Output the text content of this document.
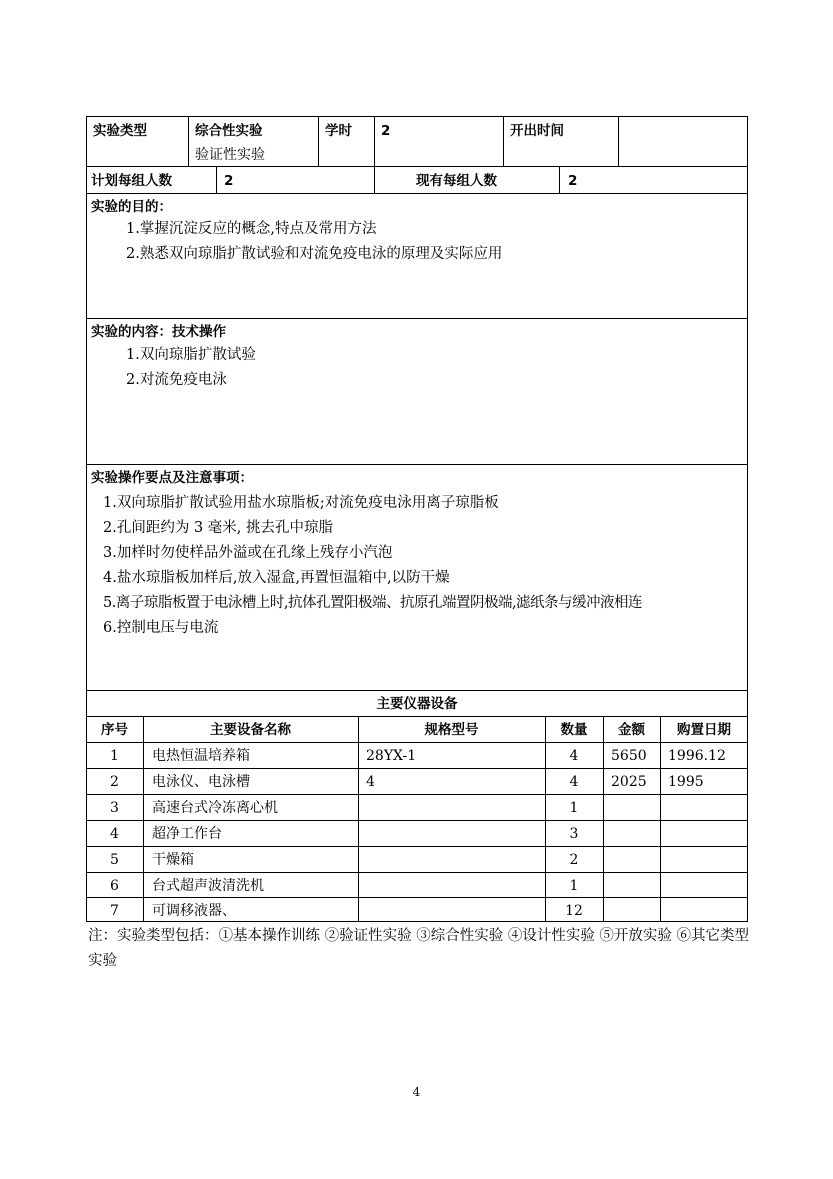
实验类型	综合性实验
验证性实验
学时 2	开出时间
计划每组人数	2	现有每组人数	2
实验的目的：
1.掌握沉淀反应的概念,特点及常用方法
2.熟悉双向琼脂扩散试验和对流免疫电泳的原理及实际应用
实验的内容：技术操作
1.双向琼脂扩散试验
2.对流免疫电泳
实验操作要点及注意事项：
1.双向琼脂扩散试验用盐水琼脂板;对流免疫电泳用离子琼脂板
2.孔间距约为 3 毫米, 挑去孔中琼脂
3.加样时勿使样品外溢或在孔缘上残存小汽泡
4.盐水琼脂板加样后,放入湿盒,再置恒温箱中,以防干燥
5.离子琼脂板置于电泳槽上时,抗体孔置阳极端、抗原孔端置阴极端,滤纸条与缓冲液相连
6.控制电压与电流
主要仪器设备
序号	主要设备名称	规格型号	数量	金额	购置日期
1	电热恒温培养箱	28YX-1	4	5650 1996.12
2	电泳仪、电泳槽	4	4	2025 1995
3	高速台式冷冻离心机	1
4	超净工作台	3
5	干燥箱	2
6	台式超声波清洗机	1
7	可调移液器、	12
注：实验类型包括：①基本操作训练 ②验证性实验 ③综合性实验 ④设计性实验 ⑤开放实验 ⑥其它类型实验
4
